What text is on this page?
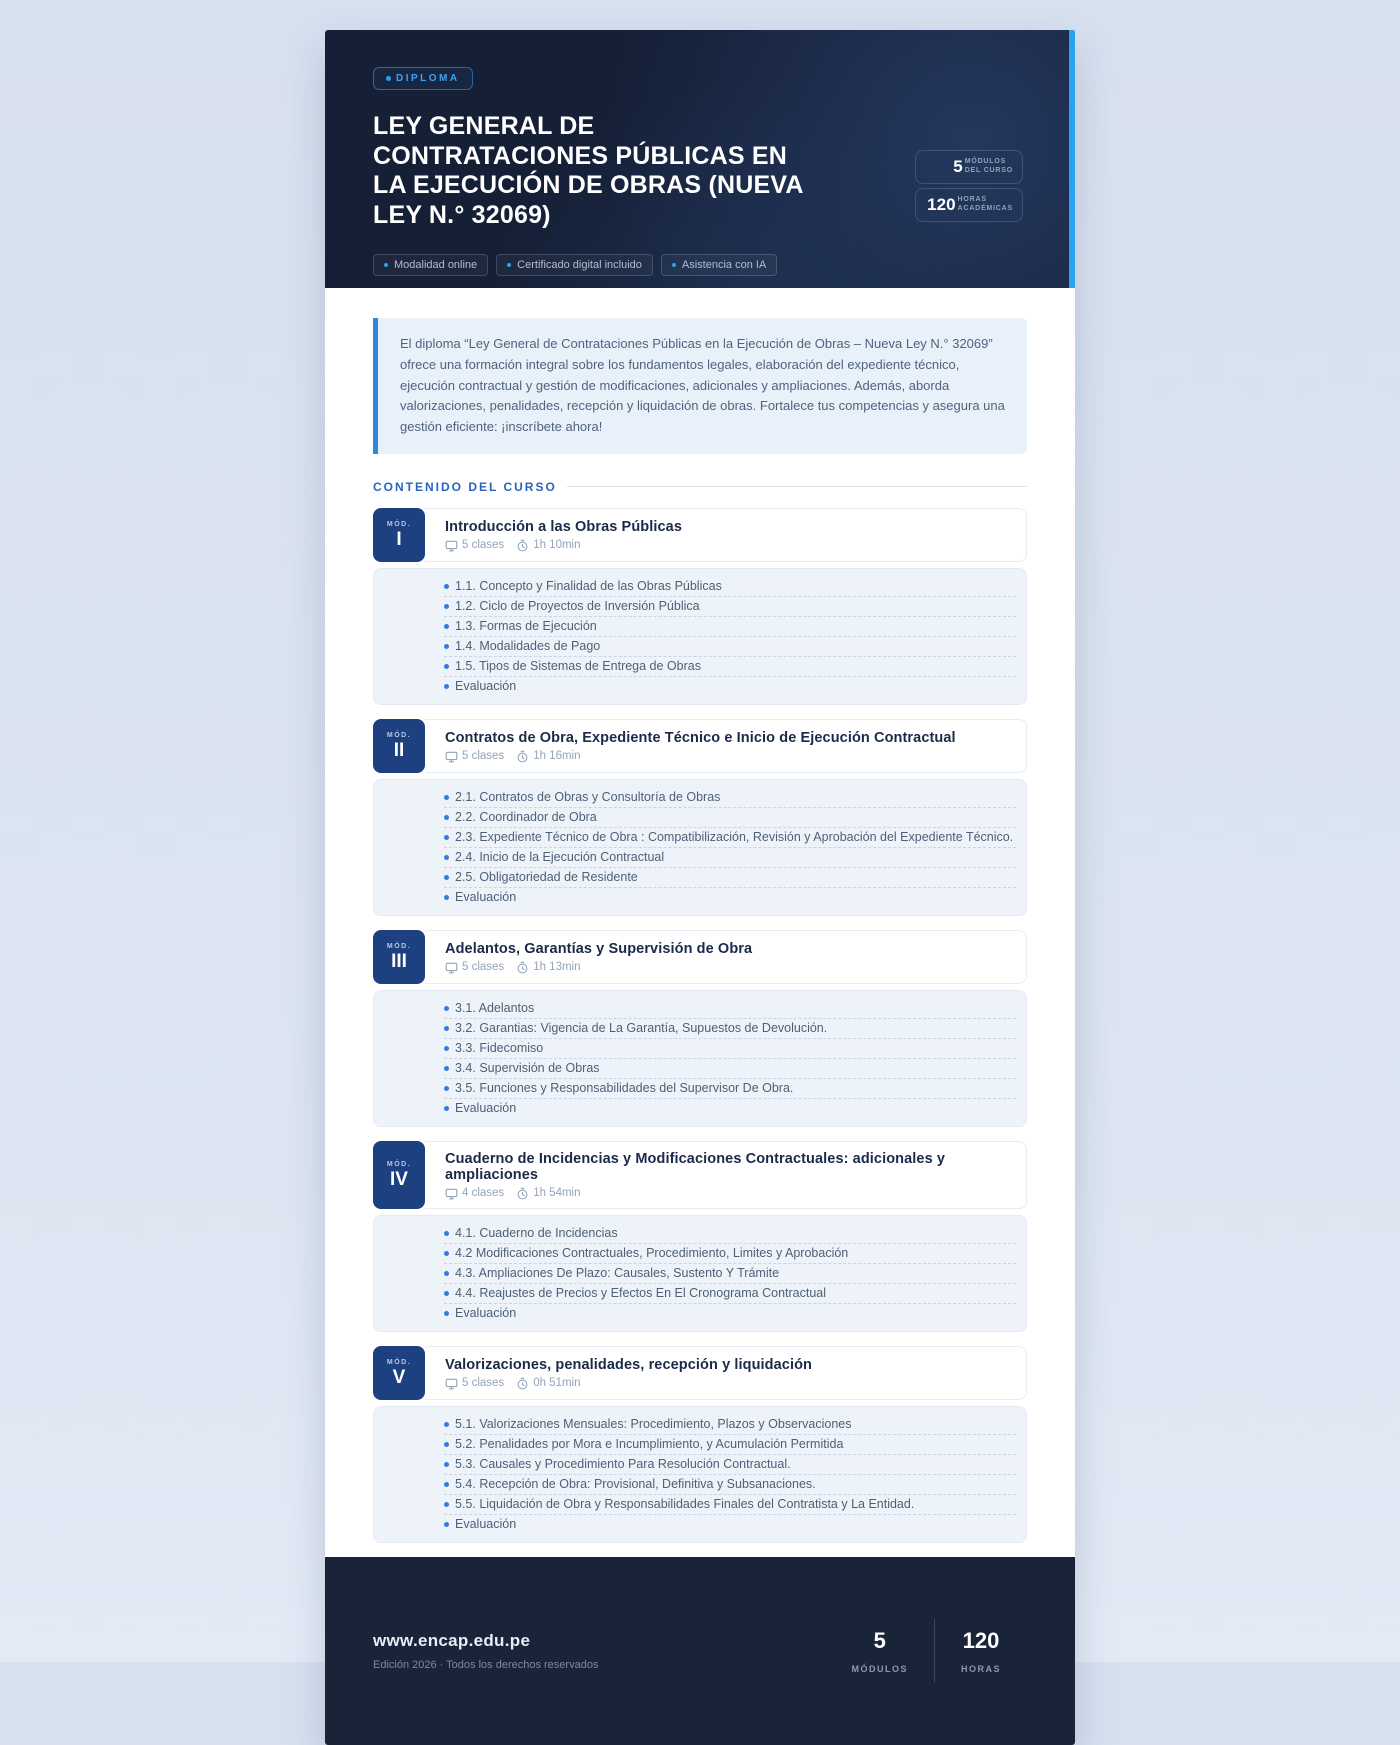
DIPLOMA
LEY GENERAL DE CONTRATACIONES PÚBLICAS EN LA EJECUCIÓN DE OBRAS (NUEVA LEY N.° 32069)
Modalidad online	Certificado digital incluido	Asistencia con IA
5 MÓDULOS
DEL CURSO
120 HORAS
ACADÉMICAS
El diploma “Ley General de Contrataciones Públicas en la Ejecución de Obras – Nueva Ley N.° 32069” ofrece una formación integral sobre los fundamentos legales, elaboración del expediente técnico, ejecución contractual y gestión de modificaciones, adicionales y ampliaciones. Además, aborda valorizaciones, penalidades, recepción y liquidación de obras. Fortalece tus competencias y asegura una gestión eficiente: ¡inscríbete ahora!
CONTENIDO DEL CURSO
MÓD.
I
Introducción a las Obras Públicas
5 clases	1h 10min
1.1. Concepto y Finalidad de las Obras Públicas
1.2. Ciclo de Proyectos de Inversión Pública
1.3. Formas de Ejecución
1.4. Modalidades de Pago
1.5. Tipos de Sistemas de Entrega de Obras
Evaluación
MÓD.
II
Contratos de Obra, Expediente Técnico e Inicio de Ejecución Contractual
5 clases	1h 16min
2.1. Contratos de Obras y Consultoría de Obras
2.2. Coordinador de Obra
2.3. Expediente Técnico de Obra : Compatibilización, Revisión y Aprobación del Expediente Técnico.
2.4. Inicio de la Ejecución Contractual
2.5. Obligatoriedad de Residente
Evaluación
MÓD.
III
Adelantos, Garantías y Supervisión de Obra
5 clases	1h 13min
3.1. Adelantos
3.2. Garantias: Vigencia de La Garantía, Supuestos de Devolución.
3.3. Fidecomiso
3.4. Supervisión de Obras
3.5. Funciones y Responsabilidades del Supervisor De Obra.
Evaluación
MÓD.
IV
Cuaderno de Incidencias y Modificaciones Contractuales: adicionales y ampliaciones
4 clases	1h 54min
4.1. Cuaderno de Incidencias
4.2 Modificaciones Contractuales, Procedimiento, Limites y Aprobación
4.3. Ampliaciones De Plazo: Causales, Sustento Y Trámite
4.4. Reajustes de Precios y Efectos En El Cronograma Contractual
Evaluación
MÓD.
V
Valorizaciones, penalidades, recepción y liquidación
5 clases	0h 51min
5.1. Valorizaciones Mensuales: Procedimiento, Plazos y Observaciones
5.2. Penalidades por Mora e Incumplimiento, y Acumulación Permitida
5.3. Causales y Procedimiento Para Resolución Contractual.
5.4. Recepción de Obra: Provisional, Definitiva y Subsanaciones.
5.5. Liquidación de Obra y Responsabilidades Finales del Contratista y La Entidad.
Evaluación
www.encap.edu.pe
Edición 2026 · Todos los derechos reservados
5
MÓDULOS
120
HORAS
